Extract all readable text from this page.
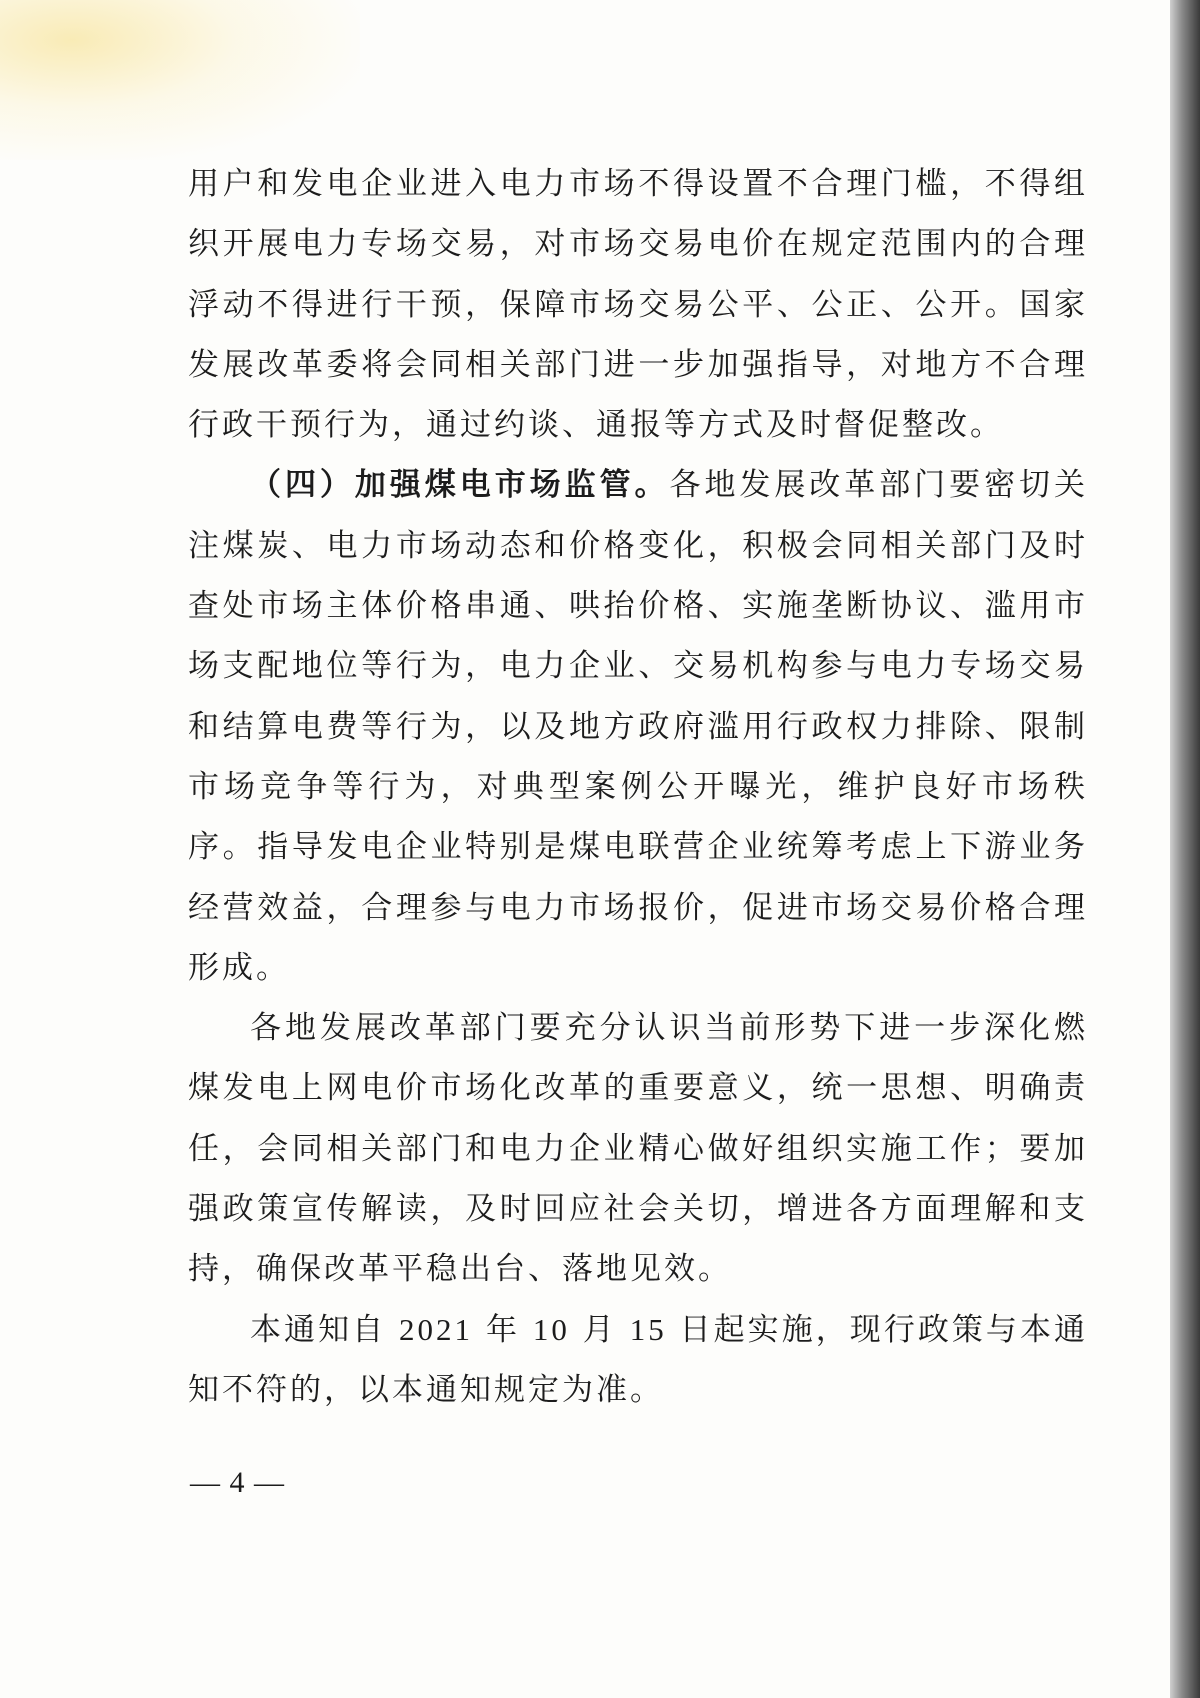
用户和发电企业进入电力市场不得设置不合理门槛，不得组织开展电力专场交易，对市场交易电价在规定范围内的合理浮动不得进行干预，保障市场交易公平、公正、公开。国家发展改革委将会同相关部门进一步加强指导，对地方不合理行政干预行为，通过约谈、通报等方式及时督促整改。

（四）加强煤电市场监管。各地发展改革部门要密切关注煤炭、电力市场动态和价格变化，积极会同相关部门及时查处市场主体价格串通、哄抬价格、实施垄断协议、滥用市场支配地位等行为，电力企业、交易机构参与电力专场交易和结算电费等行为，以及地方政府滥用行政权力排除、限制市场竞争等行为，对典型案例公开曝光，维护良好市场秩序。指导发电企业特别是煤电联营企业统筹考虑上下游业务经营效益，合理参与电力市场报价，促进市场交易价格合理形成。

各地发展改革部门要充分认识当前形势下进一步深化燃煤发电上网电价市场化改革的重要意义，统一思想、明确责任，会同相关部门和电力企业精心做好组织实施工作；要加强政策宣传解读，及时回应社会关切，增进各方面理解和支持，确保改革平稳出台、落地见效。

本通知自 2021 年 10 月 15 日起实施，现行政策与本通知不符的，以本通知规定为准。

— 4 —
